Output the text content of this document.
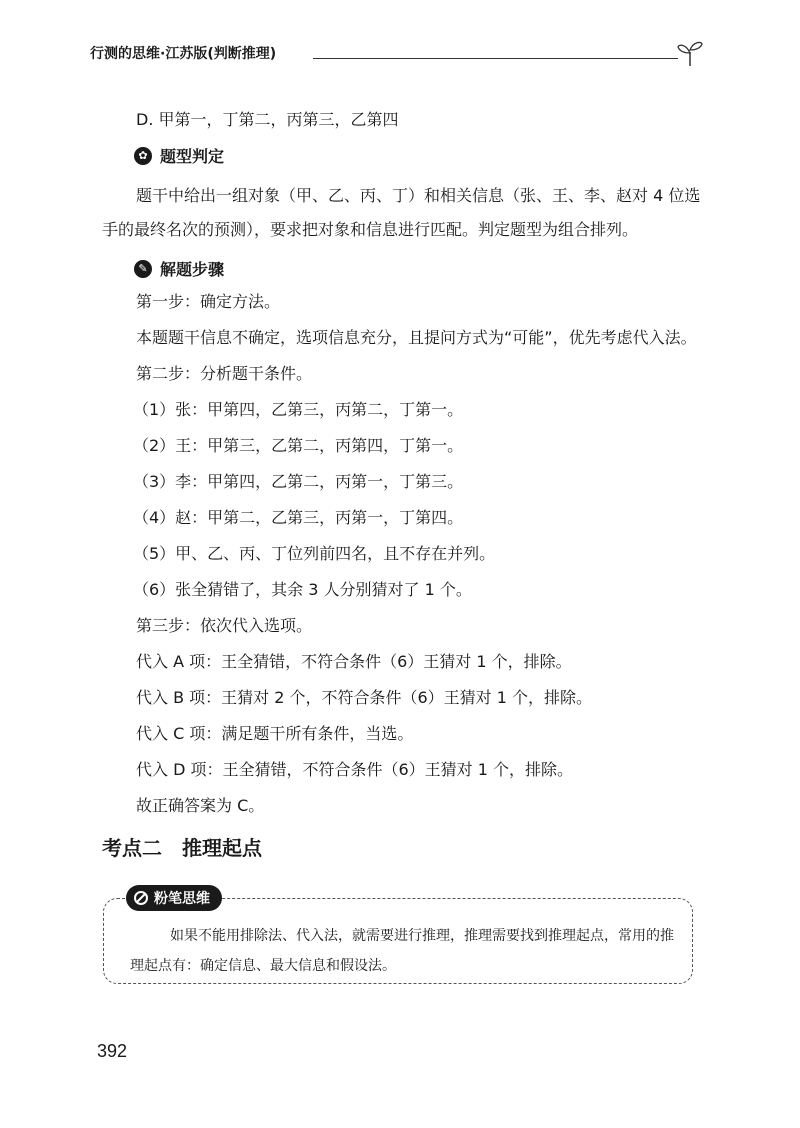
行测的思维·江苏版(判断推理)

D. 甲第一，丁第二，丙第三，乙第四

✿ 题型判定

题干中给出一组对象（甲、乙、丙、丁）和相关信息（张、王、李、赵对 4 位选手的最终名次的预测），要求把对象和信息进行匹配。判定题型为组合排列。

✎ 解题步骤

第一步：确定方法。

本题题干信息不确定，选项信息充分，且提问方式为“可能”，优先考虑代入法。

第二步：分析题干条件。

（1）张：甲第四，乙第三，丙第二，丁第一。

（2）王：甲第三，乙第二，丙第四，丁第一。

（3）李：甲第四，乙第二，丙第一，丁第三。

（4）赵：甲第二，乙第三，丙第一，丁第四。

（5）甲、乙、丙、丁位列前四名，且不存在并列。

（6）张全猜错了，其余 3 人分别猜对了 1 个。

第三步：依次代入选项。

代入 A 项：王全猜错，不符合条件（6）王猜对 1 个，排除。

代入 B 项：王猜对 2 个，不符合条件（6）王猜对 1 个，排除。

代入 C 项：满足题干所有条件，当选。

代入 D 项：王全猜错，不符合条件（6）王猜对 1 个，排除。

故正确答案为 C。

考点二 推理起点
粉笔思维
如果不能用排除法、代入法，就需要进行推理，推理需要找到推理起点，常用的推理起点有：确定信息、最大信息和假设法。
392
